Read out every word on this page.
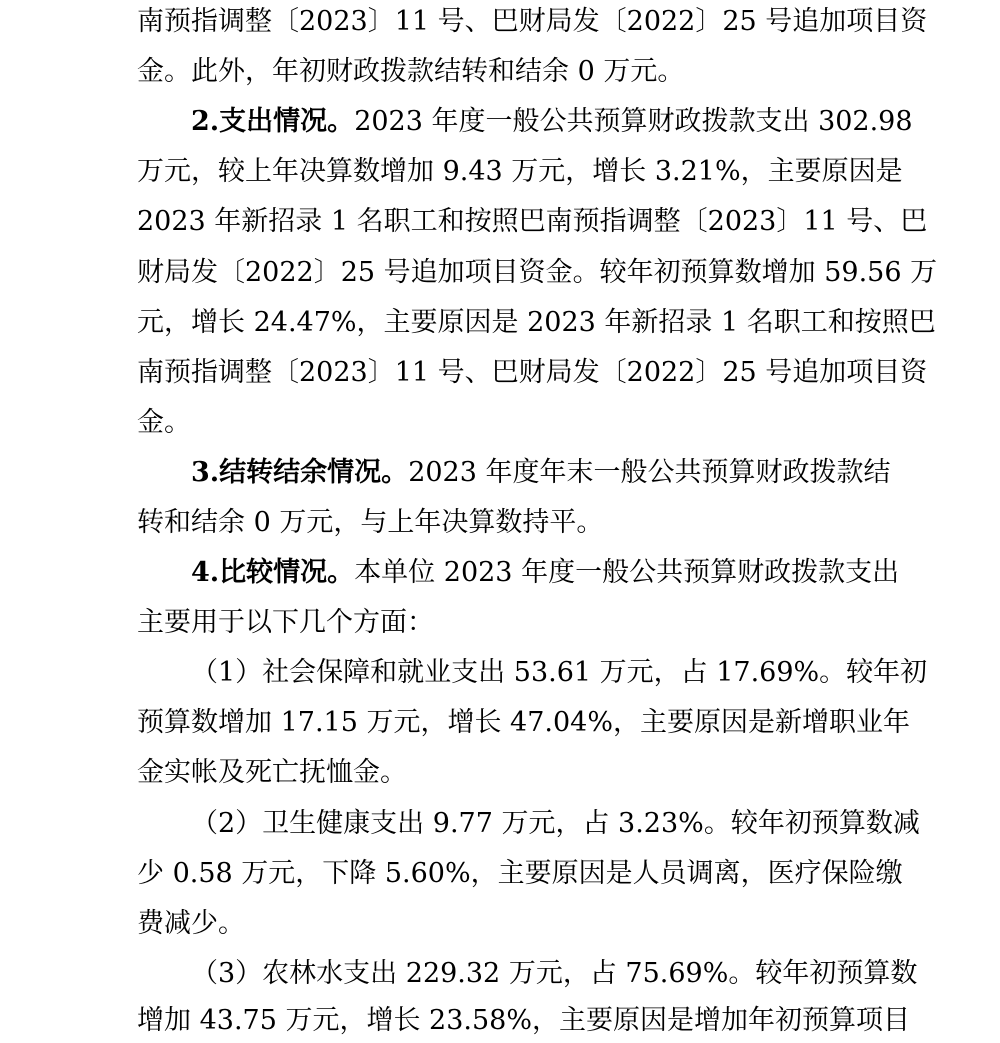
南预指调整〔2023〕11 号、巴财局发〔2022〕25 号追加项目资
金。此外，年初财政拨款结转和结余 0 万元。
2.支出情况。2023 年度一般公共预算财政拨款支出 302.98
万元，较上年决算数增加 9.43 万元，增长 3.21%，主要原因是
2023 年新招录 1 名职工和按照巴南预指调整〔2023〕11 号、巴
财局发〔2022〕25 号追加项目资金。较年初预算数增加 59.56 万
元，增长 24.47%，主要原因是 2023 年新招录 1 名职工和按照巴
南预指调整〔2023〕11 号、巴财局发〔2022〕25 号追加项目资
金。
3.结转结余情况。2023 年度年末一般公共预算财政拨款结
转和结余 0 万元，与上年决算数持平。
4.比较情况。本单位 2023 年度一般公共预算财政拨款支出
主要用于以下几个方面：
（1）社会保障和就业支出 53.61 万元，占 17.69%。较年初
预算数增加 17.15 万元，增长 47.04%，主要原因是新增职业年
金实帐及死亡抚恤金。
（2）卫生健康支出 9.77 万元，占 3.23%。较年初预算数减
少 0.58 万元，下降 5.60%，主要原因是人员调离，医疗保险缴
费减少。
（3）农林水支出 229.32 万元，占 75.69%。较年初预算数
增加 43.75 万元，增长 23.58%，主要原因是增加年初预算项目
